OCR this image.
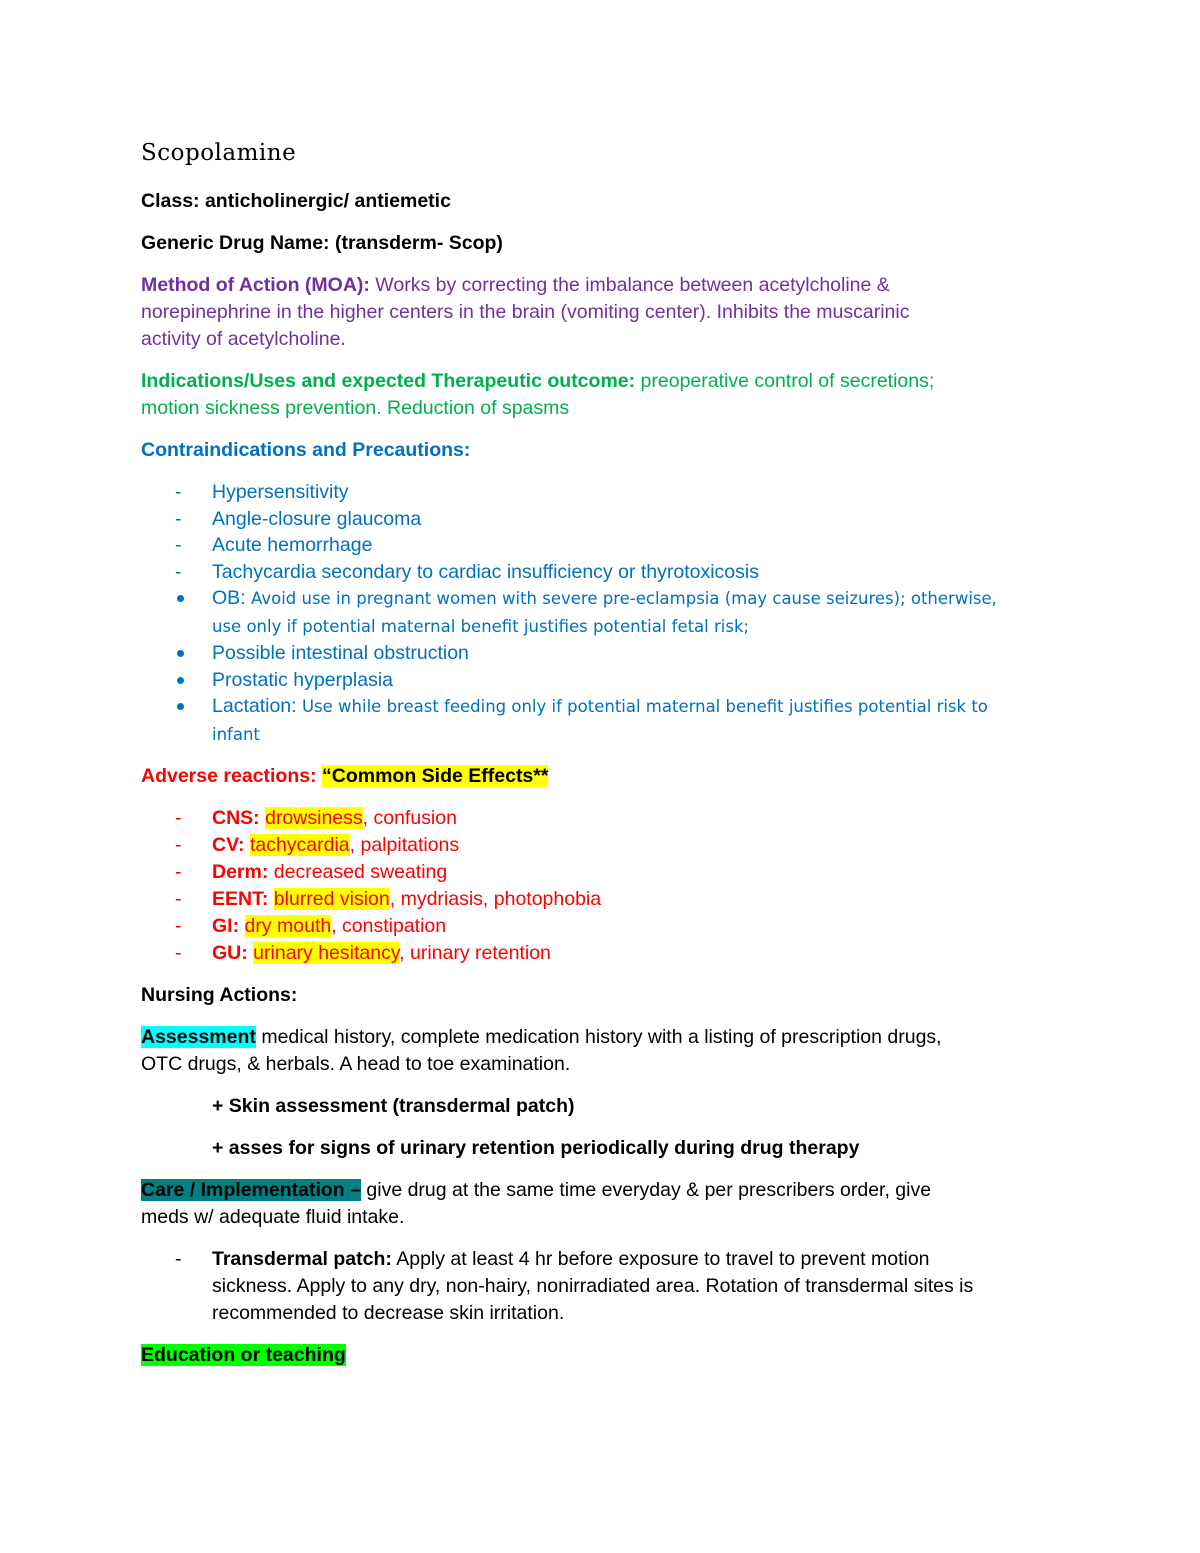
Scopolamine

Class: anticholinergic/ antiemetic

Generic Drug Name: (transderm- Scop)

Method of Action (MOA): Works by correcting the imbalance between acetylcholine &

norepinephrine in the higher centers in the brain (vomiting center). Inhibits the muscarinic

activity of acetylcholine.

Indications/Uses and expected Therapeutic outcome: preoperative control of secretions;

motion sickness prevention. Reduction of spasms

Contraindications and Precautions:

- Hypersensitivity
- Angle-closure glaucoma
- Acute hemorrhage
- Tachycardia secondary to cardiac insufficiency or thyrotoxicosis
OB: Avoid use in pregnant women with severe pre-eclampsia (may cause seizures); otherwise,
use only if potential maternal benefit justifies potential fetal risk;
Possible intestinal obstruction
Prostatic hyperplasia
Lactation: Use while breast feeding only if potential maternal benefit justifies potential risk to
infant

Adverse reactions: “Common Side Effects**

- CNS: drowsiness, confusion
- CV: tachycardia, palpitations
- Derm: decreased sweating
- EENT: blurred vision, mydriasis, photophobia
- GI: dry mouth, constipation
- GU: urinary hesitancy, urinary retention

Nursing Actions:

Assessment medical history, complete medication history with a listing of prescription drugs,

OTC drugs, & herbals. A head to toe examination.

+ Skin assessment (transdermal patch)

+ asses for signs of urinary retention periodically during drug therapy

Care / Implementation – give drug at the same time everyday & per prescribers order, give

meds w/ adequate fluid intake.

- Transdermal patch: Apply at least 4 hr before exposure to travel to prevent motion
sickness. Apply to any dry, non-hairy, nonirradiated area. Rotation of transdermal sites is
recommended to decrease skin irritation.

Education or teaching
